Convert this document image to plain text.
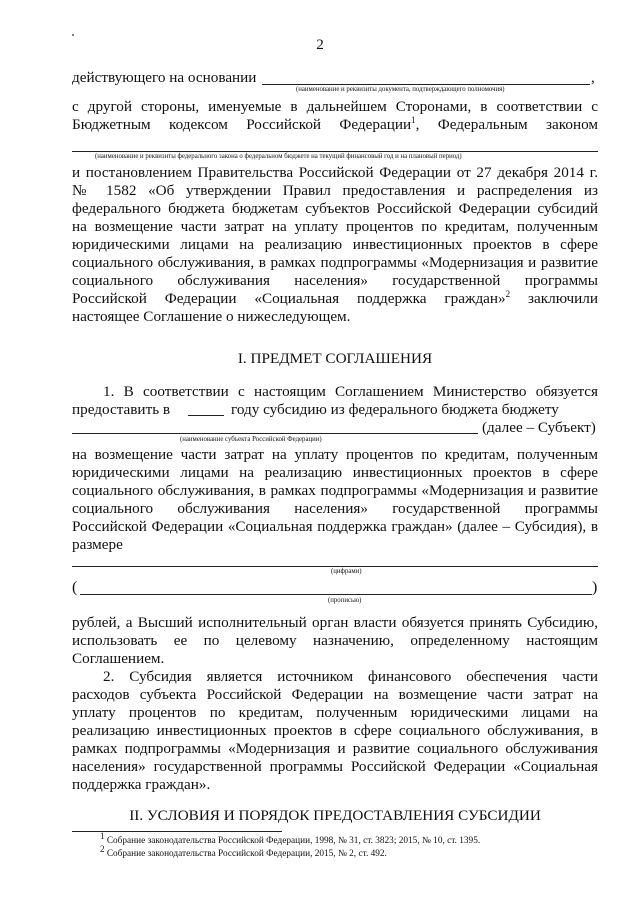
2
действующего на основании	,
(наименование и реквизиты документа, подтверждающего полномочия)
с другой стороны, именуемые в дальнейшем Сторонами, в соответствии с
Бюджетным кодексом Российской Федерации$^1$, Федеральным законом
(наименование и реквизиты федерального закона о федеральном бюджете на текущий финансовый год и на плановый период)
и постановлением Правительства Российской Федерации от 27 декабря 2014 г.
№ 1582 «Об утверждении Правил предоставления и распределения из
федерального бюджета бюджетам субъектов Российской Федерации субсидий
на возмещение части затрат на уплату процентов по кредитам, полученным
юридическими лицами на реализацию инвестиционных проектов в сфере
социального обслуживания, в рамках подпрограммы «Модернизация и развитие
социального обслуживания населения» государственной программы
Российской Федерации «Социальная поддержка граждан»$^2$ заключили
настоящее Соглашение о нижеследующем.
I. ПРЕДМЕТ СОГЛАШЕНИЯ
1. В соответствии с настоящим Соглашением Министерство обязуется
предоставить в	году субсидию из федерального бюджета бюджету
(далее – Субъект)
(наименование субъекта Российской Федерации)
на возмещение части затрат на уплату процентов по кредитам, полученным
юридическими лицами на реализацию инвестиционных проектов в сфере
социального обслуживания, в рамках подпрограммы «Модернизация и развитие
социального обслуживания населения» государственной программы
Российской Федерации «Социальная поддержка граждан» (далее – Субсидия), в
размере
(цифрами)
(	)
(прописью)
рублей, а Высший исполнительный орган власти обязуется принять Субсидию,
использовать ее по целевому назначению, определенному настоящим
Соглашением.
2. Субсидия является источником финансового обеспечения части
расходов субъекта Российской Федерации на возмещение части затрат на
уплату процентов по кредитам, полученным юридическими лицами на
реализацию инвестиционных проектов в сфере социального обслуживания, в
рамках подпрограммы «Модернизация и развитие социального обслуживания
населения» государственной программы Российской Федерации «Социальная
поддержка граждан».
II. УСЛОВИЯ И ПОРЯДОК ПРЕДОСТАВЛЕНИЯ СУБСИДИИ
$^1$ Собрание законодательства Российской Федерации, 1998, № 31, ст. 3823; 2015, № 10, ст. 1395.
$^2$ Собрание законодательства Российской Федерации, 2015, № 2, ст. 492.
